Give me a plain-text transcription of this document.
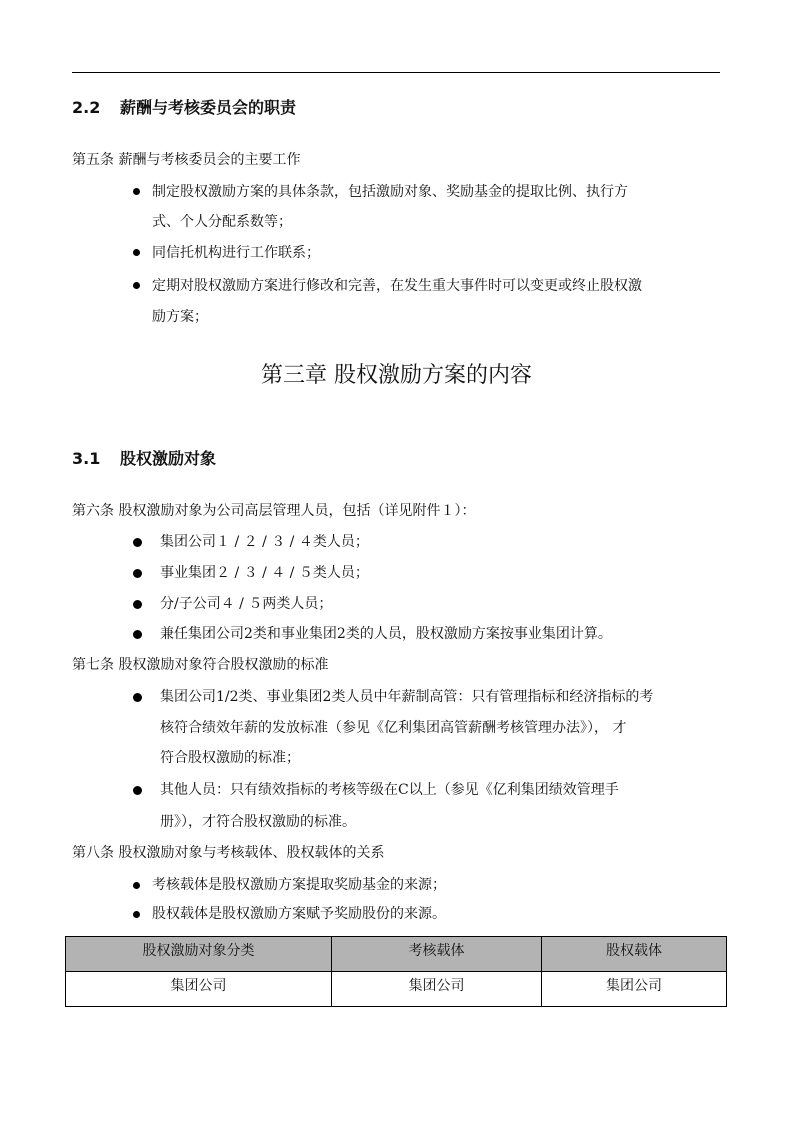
2.2 薪酬与考核委员会的职责
第五条 薪酬与考核委员会的主要工作
制定股权激励方案的具体条款，包括激励对象、奖励基金的提取比例、执行方
式、个人分配系数等；
同信托机构进行工作联系；
定期对股权激励方案进行修改和完善，在发生重大事件时可以变更或终止股权激
励方案；
第三章 股权激励方案的内容
3.1 股权激励对象
第六条 股权激励对象为公司高层管理人员，包括（详见附件１）：
集团公司１ / ２ / ３ / ４类人员；
事业集团２ / ３ / ４ / ５类人员；
分/子公司４ / ５两类人员；
兼任集团公司2类和事业集团2类的人员，股权激励方案按事业集团计算。
第七条 股权激励对象符合股权激励的标准
集团公司1/2类、事业集团2类人员中年薪制高管：只有管理指标和经济指标的考
核符合绩效年薪的发放标准（参见《亿利集团高管薪酬考核管理办法》）， 才
符合股权激励的标准；
其他人员：只有绩效指标的考核等级在C以上（参见《亿利集团绩效管理手
册》），才符合股权激励的标准。
第八条 股权激励对象与考核载体、股权载体的关系
考核载体是股权激励方案提取奖励基金的来源；
股权载体是股权激励方案赋予奖励股份的来源。
股权激励对象分类	考核载体	股权载体
集团公司	集团公司	集团公司
